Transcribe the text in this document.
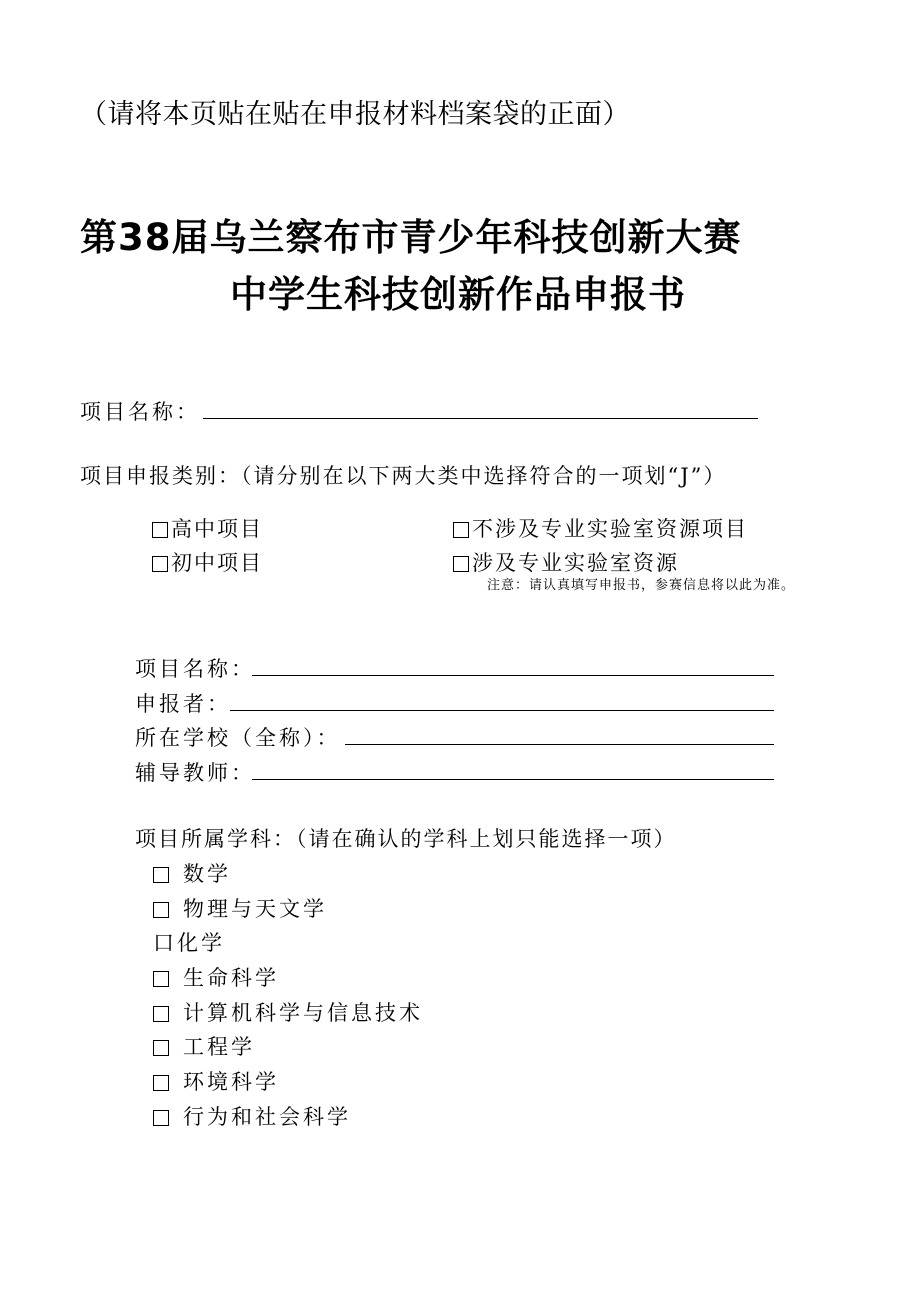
（请将本页贴在贴在申报材料档案袋的正面）
第38届乌兰察布市青少年科技创新大赛
中学生科技创新作品申报书
项目名称：
项目申报类别：（请分别在以下两大类中选择符合的一项划“J”）
高中项目
初中项目
不涉及专业实验室资源项目
涉及专业实验室资源
注意：请认真填写申报书，参赛信息将以此为准。
项目名称：
申报者：
所在学校（全称）：
辅导教师：
项目所属学科：（请在确认的学科上划只能选择一项）
数学
物理与天文学
口化学
生命科学
计算机科学与信息技术
工程学
环境科学
行为和社会科学
